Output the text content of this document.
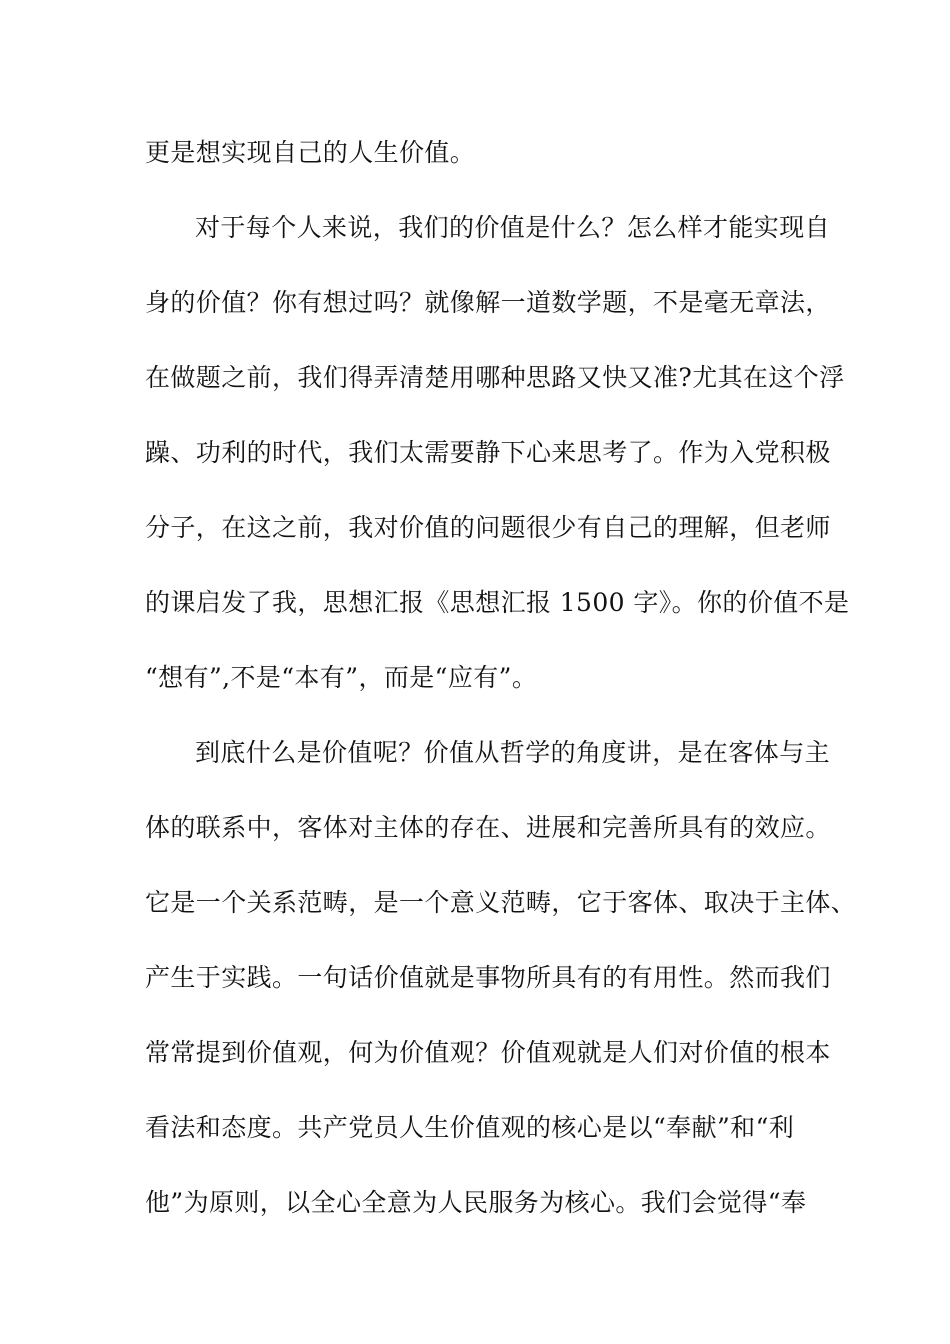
更是想实现自己的人生价值。
对于每个人来说，我们的价值是什么？怎么样才能实现自
身的价值？你有想过吗？就像解一道数学题，不是毫无章法，
在做题之前，我们得弄清楚用哪种思路又快又准?尤其在这个浮
躁、功利的时代，我们太需要静下心来思考了。作为入党积极
分子，在这之前，我对价值的问题很少有自己的理解，但老师
的课启发了我，思想汇报《思想汇报 1500 字》。你的价值不是
“想有”,不是“本有”，而是“应有”。
到底什么是价值呢？价值从哲学的角度讲，是在客体与主
体的联系中，客体对主体的存在、进展和完善所具有的效应。
它是一个关系范畴，是一个意义范畴，它于客体、取决于主体、
产生于实践。一句话价值就是事物所具有的有用性。然而我们
常常提到价值观，何为价值观？价值观就是人们对价值的根本
看法和态度。共产党员人生价值观的核心是以“奉献”和“利
他”为原则，以全心全意为人民服务为核心。我们会觉得“奉
